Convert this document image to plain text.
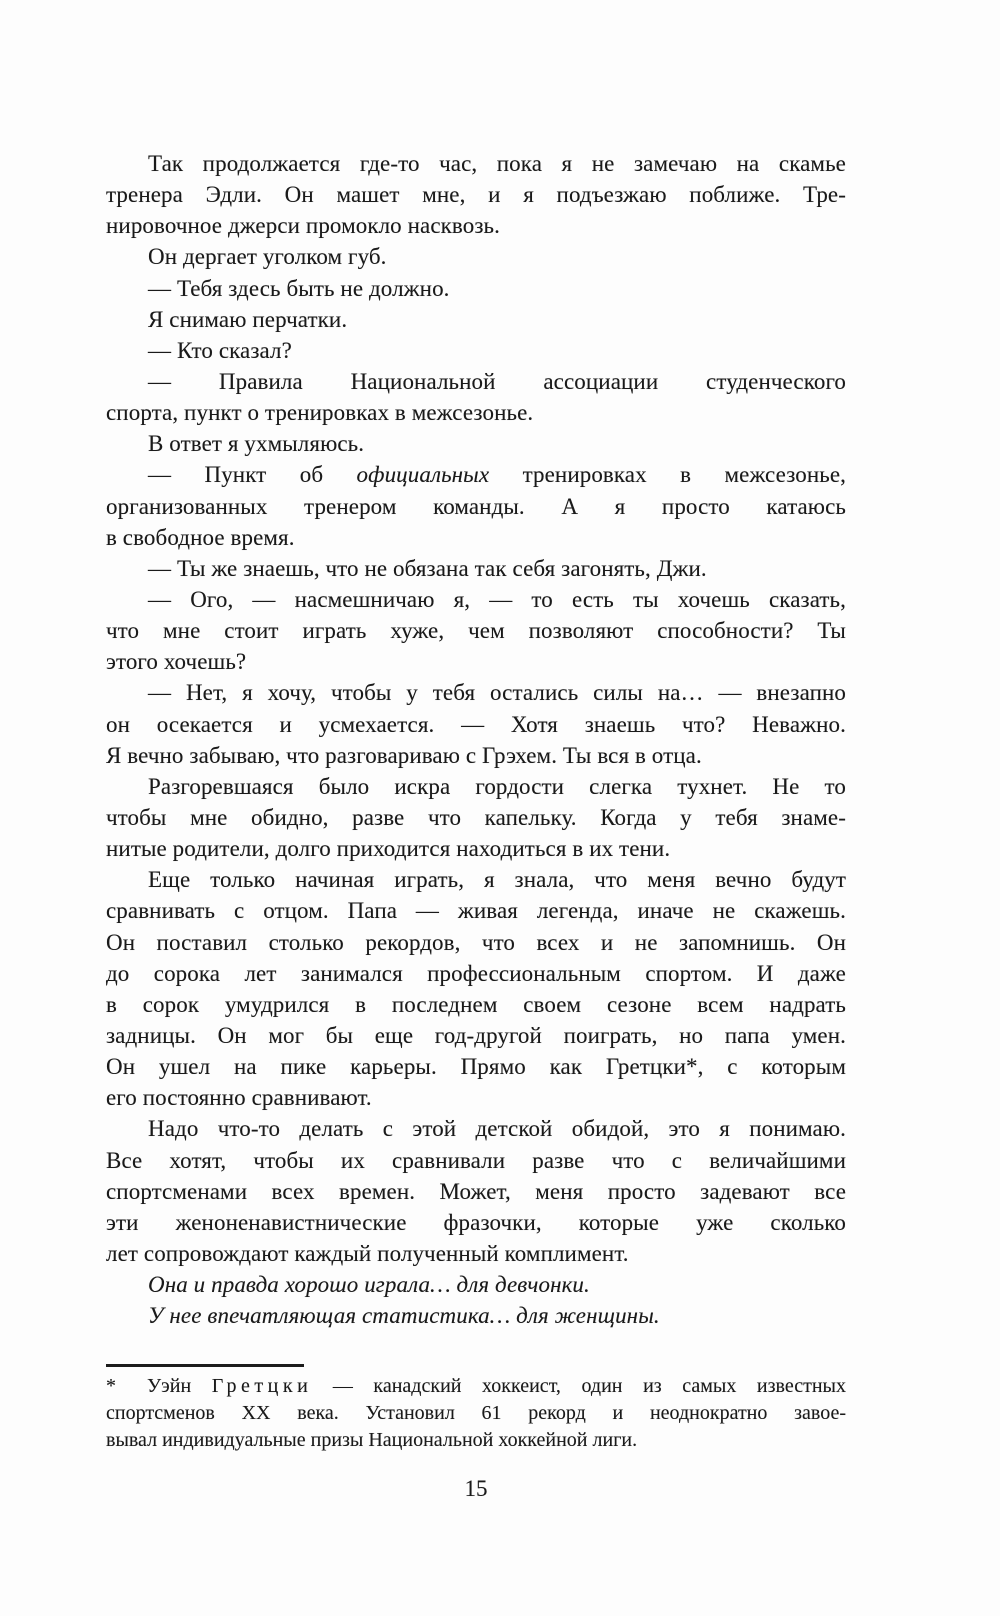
Так продолжается где-то час, пока я не замечаю на скамье
тренера Эдли. Он машет мне, и я подъезжаю поближе. Тре-
нировочное джерси промокло насквозь.
Он дергает уголком губ.
— Тебя здесь быть не должно.
Я снимаю перчатки.
— Кто сказал?
— Правила Национальной ассоциации студенческого
спорта, пункт о тренировках в межсезонье.
В ответ я ухмыляюсь.
— Пункт об официальных тренировках в межсезонье,
организованных тренером команды. А я просто катаюсь
в свободное время.
— Ты же знаешь, что не обязана так себя загонять, Джи.
— Ого, — насмешничаю я, — то есть ты хочешь сказать,
что мне стоит играть хуже, чем позволяют способности? Ты
этого хочешь?
— Нет, я хочу, чтобы у тебя остались силы на… — внезапно
он осекается и усмехается. — Хотя знаешь что? Неважно.
Я вечно забываю, что разговариваю с Грэхем. Ты вся в отца.
Разгоревшаяся было искра гордости слегка тухнет. Не то
чтобы мне обидно, разве что капельку. Когда у тебя знаме-
нитые родители, долго приходится находиться в их тени.
Еще только начиная играть, я знала, что меня вечно будут
сравнивать с отцом. Папа — живая легенда, иначе не скажешь.
Он поставил столько рекордов, что всех и не запомнишь. Он
до сорока лет занимался профессиональным спортом. И даже
в сорок умудрился в последнем своем сезоне всем надрать
задницы. Он мог бы еще год-другой поиграть, но папа умен.
Он ушел на пике карьеры. Прямо как Гретцки*, с которым
его постоянно сравнивают.
Надо что-то делать с этой детской обидой, это я понимаю.
Все хотят, чтобы их сравнивали разве что с величайшими
спортсменами всех времен. Может, меня просто задевают все
эти женоненавистнические фразочки, которые уже сколько
лет сопровождают каждый полученный комплимент.
Она и правда хорошо играла… для девчонки.
У нее впечатляющая статистика… для женщины.
* Уэйн Гретцки — канадский хоккеист, один из самых известных
спортсменов XX века. Установил 61 рекорд и неоднократно завое-
вывал индивидуальные призы Национальной хоккейной лиги.
15
